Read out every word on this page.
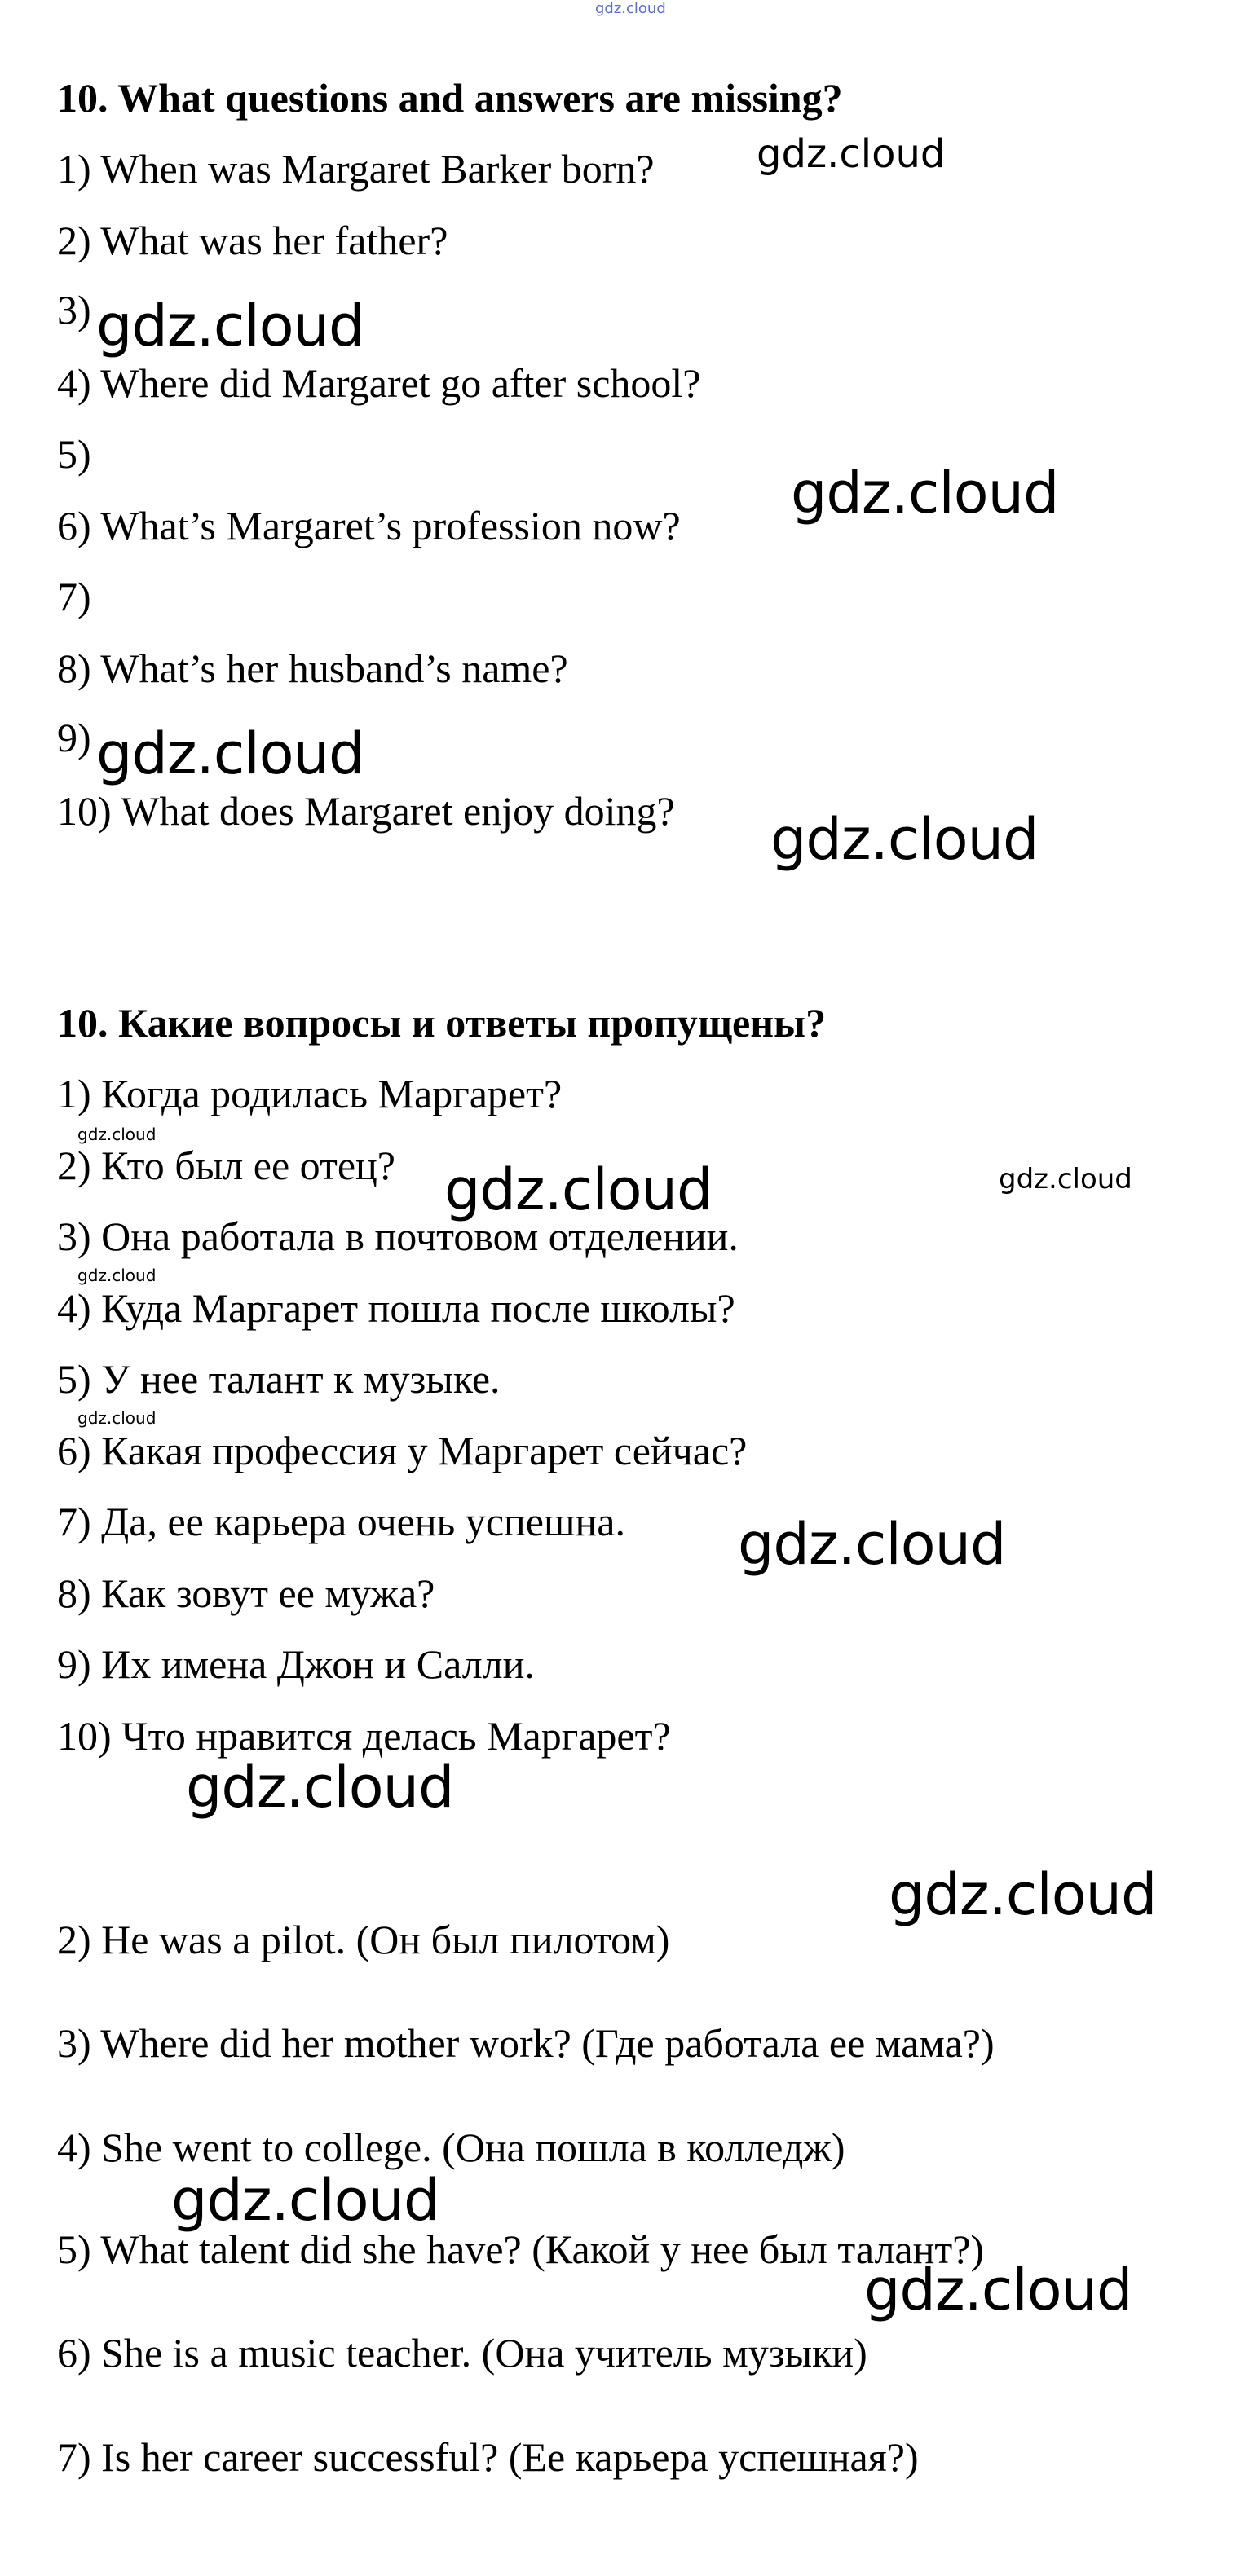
gdz.cloud

10. What questions and answers are missing?

1) When was Margaret Barker born?

2) What was her father?

3)

4) Where did Margaret go after school?

5)

6) What’s Margaret’s profession now?

7)

8) What’s her husband’s name?

9)

10) What does Margaret enjoy doing?

gdz.cloud
gdz.cloud
gdz.cloud
gdz.cloud
gdz.cloud

10. Какие вопросы и ответы пропущены?

1) Когда родилась Маргарет?

2) Кто был ее отец?

3) Она работала в почтовом отделении.

4) Куда Маргарет пошла после школы?

5) У нее талант к музыке.

6) Какая профессия у Маргарет сейчас?

7) Да, ее карьера очень успешна.

8) Как зовут ее мужа?

9) Их имена Джон и Салли.

10) Что нравится делась Маргарет?

gdz.cloud
gdz.cloud	gdz.cloud
gdz.cloud
gdz.cloud
gdz.cloud
gdz.cloud
gdz.cloud

2) He was a pilot. (Он был пилотом)

3) Where did her mother work? (Где работала ее мама?)

4) She went to college. (Она пошла в колледж)

gdz.cloud

5) What talent did she have? (Какой у нее был талант?)

gdz.cloud

6) She is a music teacher. (Она учитель музыки)

7) Is her career successful? (Ее карьера успешная?)
